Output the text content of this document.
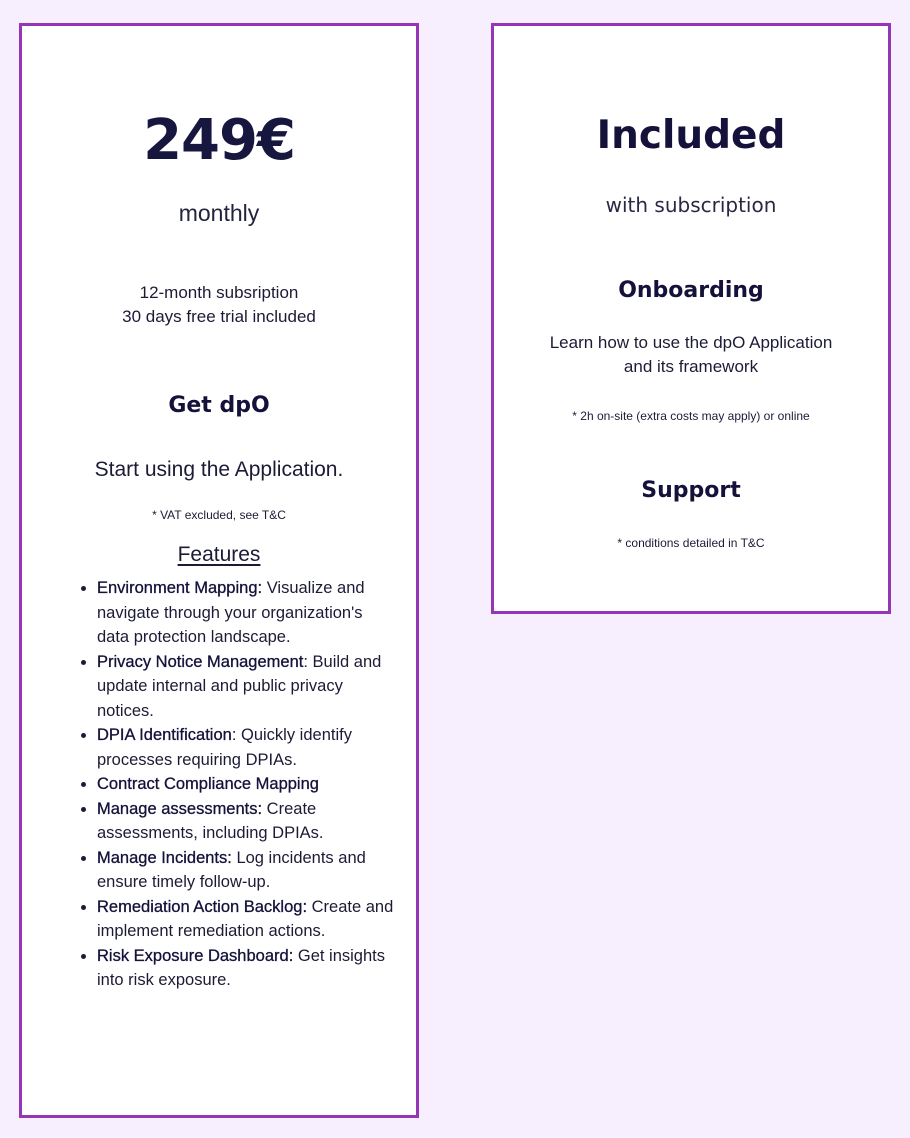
249€
monthly
12-month subsription
30 days free trial included
Get dpO
Start using the Application.
* VAT excluded, see T&C
Features
• Environment Mapping: Visualize and navigate through your organization's data protection landscape.
• Privacy Notice Management: Build and update internal and public privacy notices.
• DPIA Identification: Quickly identify processes requiring DPIAs.
• Contract Compliance Mapping
• Manage assessments: Create assessments, including DPIAs.
• Manage Incidents: Log incidents and ensure timely follow-up.
• Remediation Action Backlog: Create and implement remediation actions.
• Risk Exposure Dashboard: Get insights into risk exposure.
Included
with subscription
Onboarding
Learn how to use the dpO Application
and its framework
* 2h on-site (extra costs may apply) or online
Support
* conditions detailed in T&C
